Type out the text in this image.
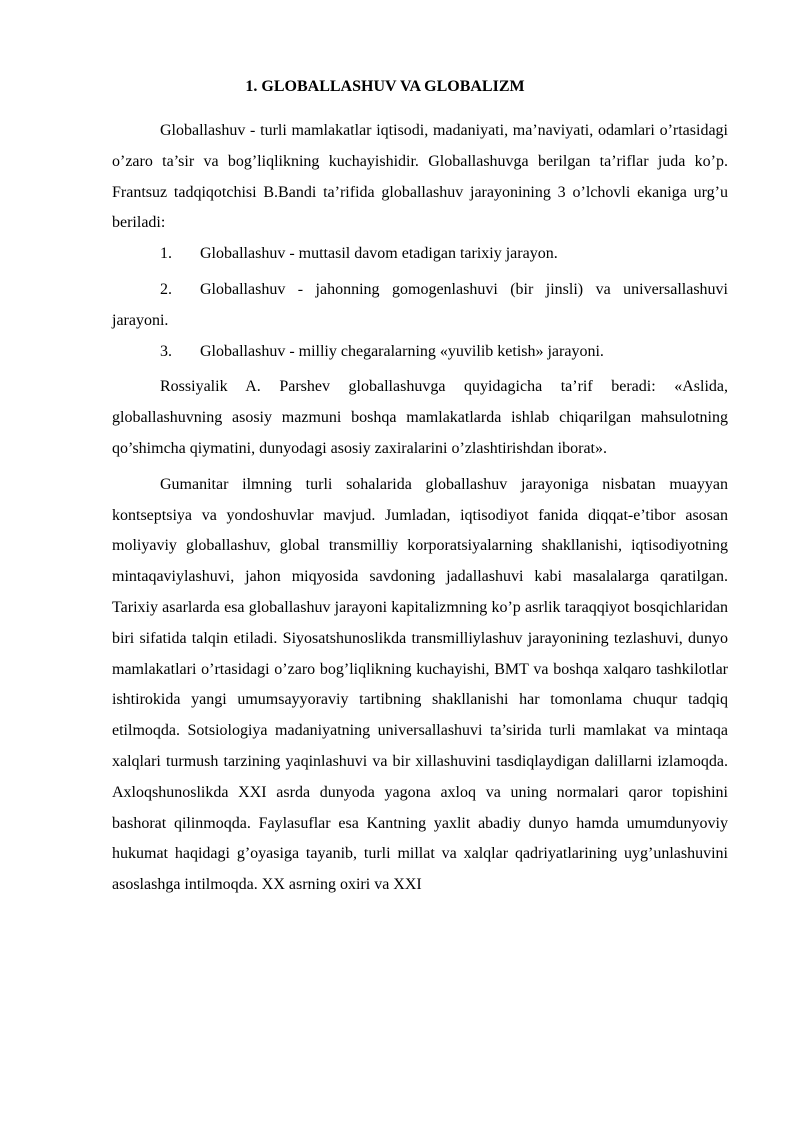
1. GLOBALLASHUV VA GLOBALIZM

Globallashuv - turli mamlakatlar iqtisodi, madaniyati, ma’naviyati, odamlari o’rtasidagi o’zaro ta’sir va bog’liqlikning kuchayishidir. Globallashuvga berilgan ta’riflar juda ko’p. Frantsuz tadqiqotchisi B.Bandi ta’rifida globallashuv jarayonining 3 o’lchovli ekaniga urg’u beriladi:

1. Globallashuv - muttasil davom etadigan tarixiy jarayon.

2. Globallashuv - jahonning gomogenlashuvi (bir jinsli) va universallashuvi jarayoni.

3. Globallashuv - milliy chegaralarning «yuvilib ketish» jarayoni.

Rossiyalik A. Parshev globallashuvga quyidagicha ta’rif beradi: «Aslida, globallashuvning asosiy mazmuni boshqa mamlakatlarda ishlab chiqarilgan mahsulotning qo’shimcha qiymatini, dunyodagi asosiy zaxiralarini o’zlashtirishdan iborat».

Gumanitar ilmning turli sohalarida globallashuv jarayoniga nisbatan muayyan kontseptsiya va yondoshuvlar mavjud. Jumladan, iqtisodiyot fanida diqqat-e’tibor asosan moliyaviy globallashuv, global transmilliy korporatsiyalarning shakllanishi, iqtisodiyotning mintaqaviylashuvi, jahon miqyosida savdoning jadallashuvi kabi masalalarga qaratilgan. Tarixiy asarlarda esa globallashuv jarayoni kapitalizmning ko’p asrlik taraqqiyot bosqichlaridan biri sifatida talqin etiladi. Siyosatshunoslikda transmilliylashuv jarayonining tezlashuvi, dunyo mamlakatlari o’rtasidagi o’zaro bog’liqlikning kuchayishi, BMT va boshqa xalqaro tashkilotlar ishtirokida yangi umumsayyoraviy tartibning shakllanishi har tomonlama chuqur tadqiq etilmoqda. Sotsiologiya madaniyatning universallashuvi ta’sirida turli mamlakat va mintaqa xalqlari turmush tarzining yaqinlashuvi va bir xillashuvini tasdiqlaydigan dalillarni izlamoqda. Axloqshunoslikda XXI asrda dunyoda yagona axloq va uning normalari qaror topishini bashorat qilinmoqda. Faylasuflar esa Kantning yaxlit abadiy dunyo hamda umumdunyoviy hukumat haqidagi g’oyasiga tayanib, turli millat va xalqlar qadriyatlarining uyg’unlashuvini asoslashga intilmoqda. XX asrning oxiri va XXI
